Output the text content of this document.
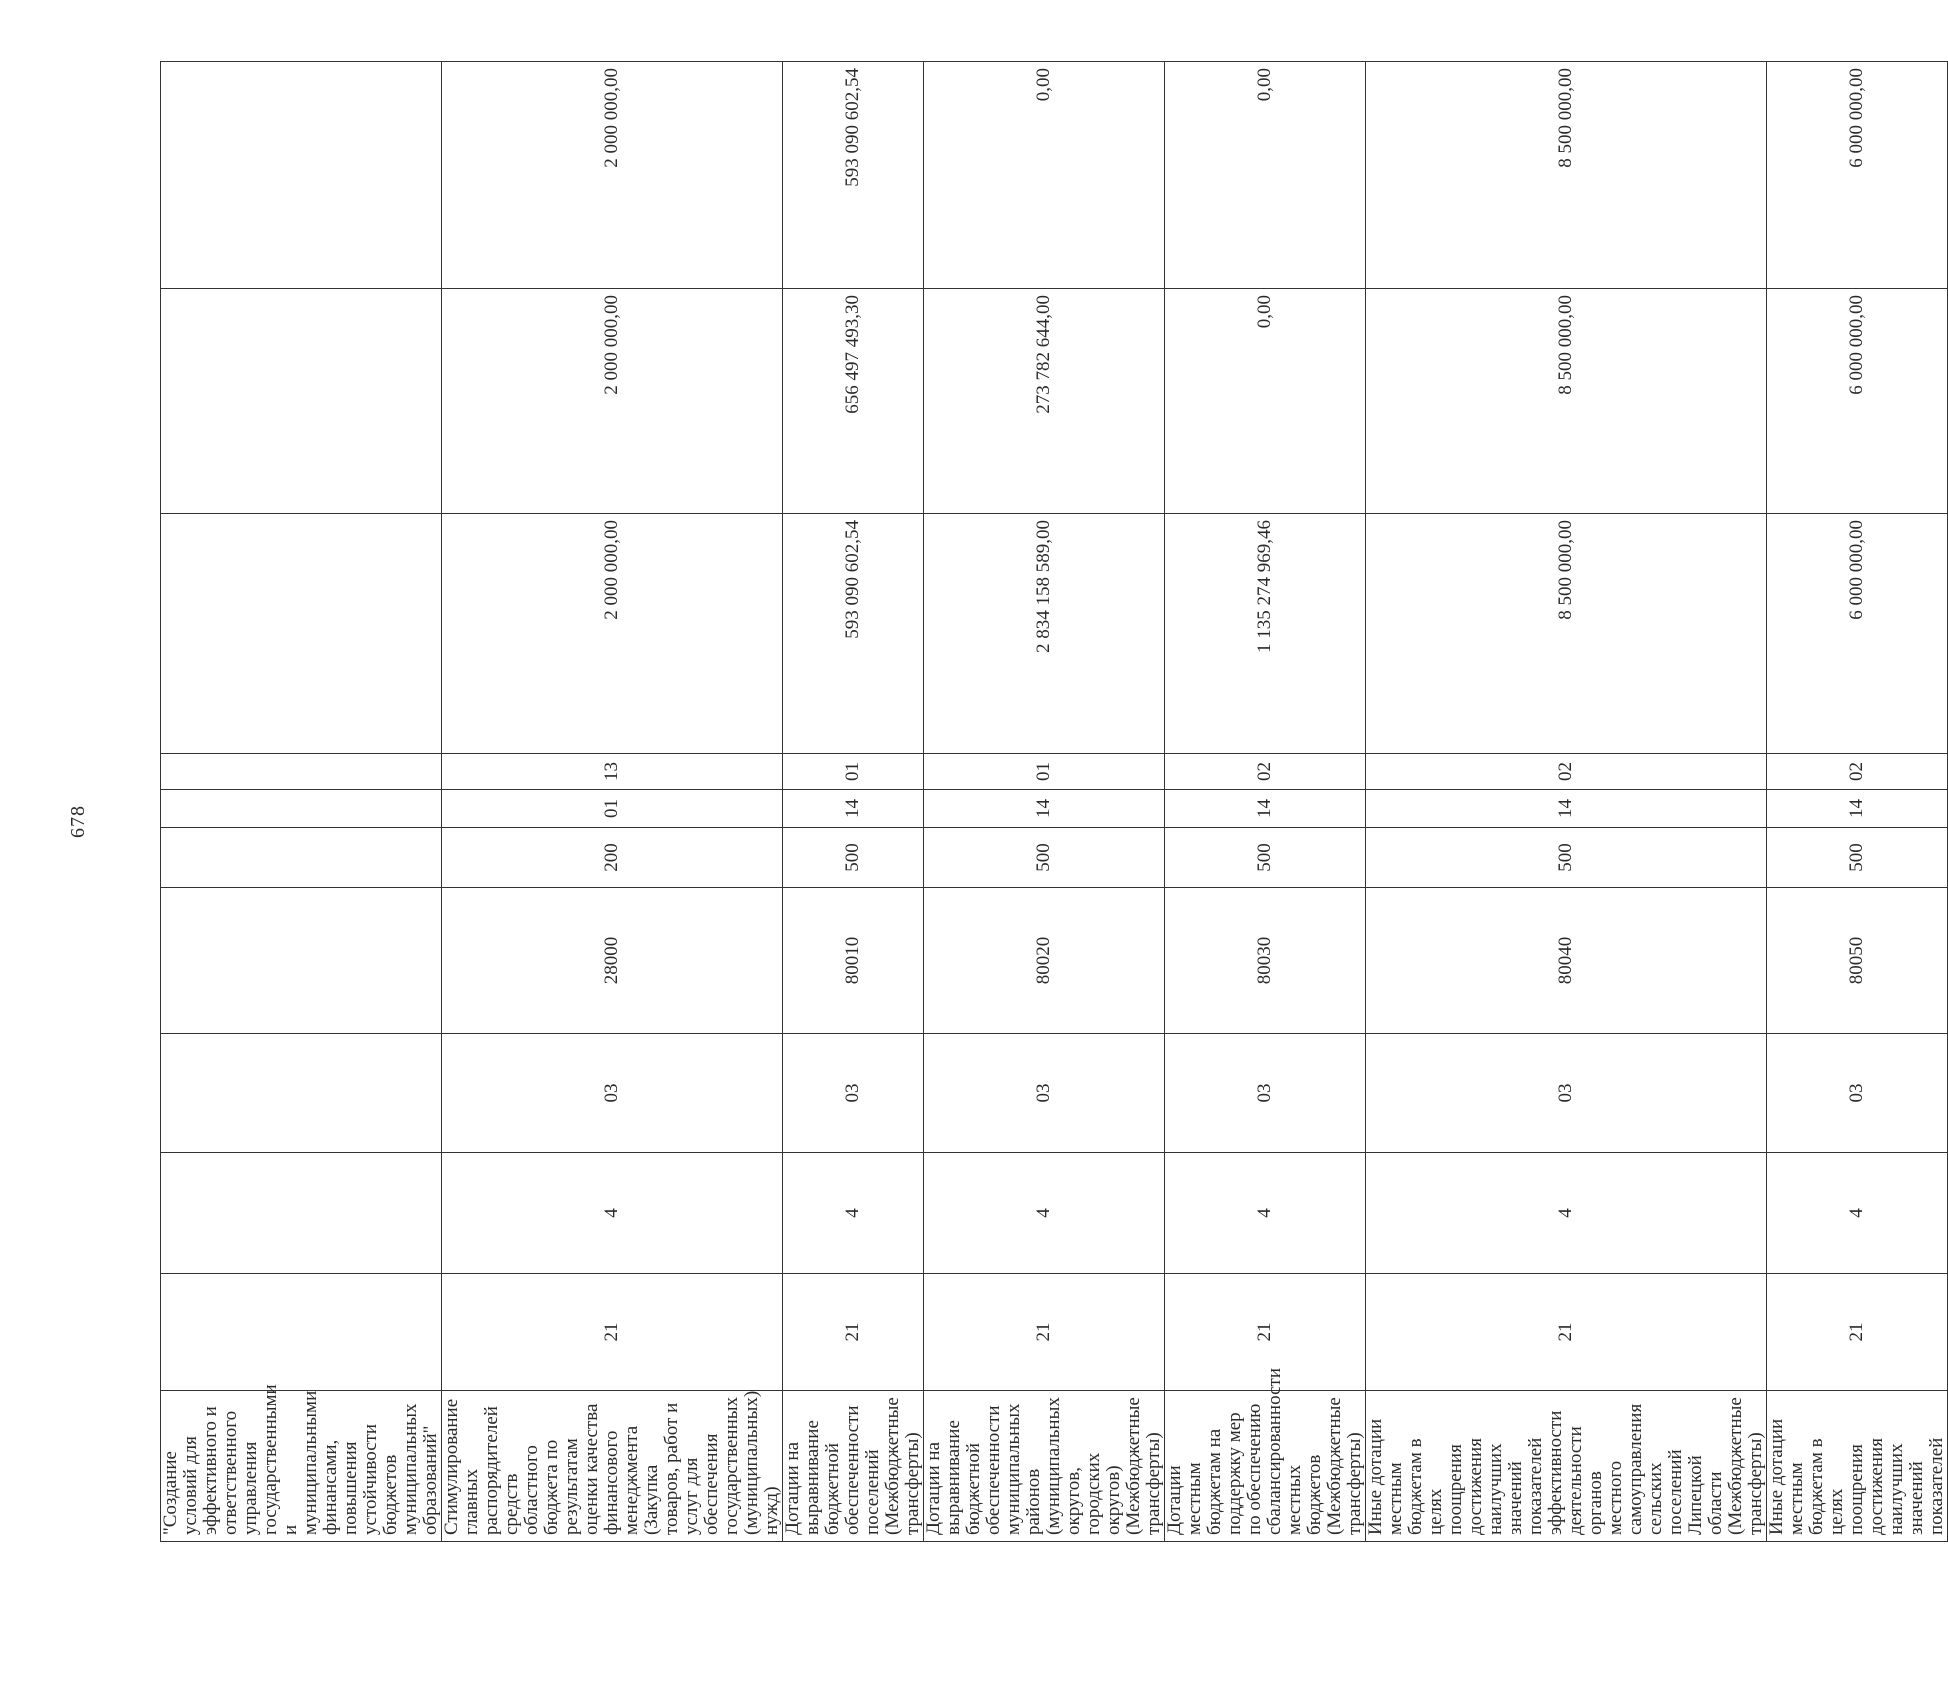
678
"Создание условий для эффективного и ответственного управления государственными и муниципальными финансами, повышения устойчивости бюджетов муниципальных образований"										
Стимулирование главных распорядителей средств областного бюджета по результатам оценки качества финансового менеджмента (Закупка товаров, работ и услуг для обеспечения государственных (муниципальных) нужд)	21	4	03	28000	200	01	13	2 000 000,00	2 000 000,00	2 000 000,00
Дотации на выравнивание бюджетной обеспеченности поселений (Межбюджетные трансферты)	21	4	03	80010	500	14	01	593 090 602,54	656 497 493,30	593 090 602,54
Дотации на выравнивание бюджетной обеспеченности муниципальных районов (муниципальных округов, городских округов) (Межбюджетные трансферты)	21	4	03	80020	500	14	01	2 834 158 589,00	273 782 644,00	0,00
Дотации местным бюджетам на поддержку мер по обеспечению сбалансированности местных бюджетов (Межбюджетные трансферты)	21	4	03	80030	500	14	02	1 135 274 969,46	0,00	0,00
Иные дотации местным бюджетам в целях поощрения достижения наилучших значений показателей эффективности деятельности органов местного самоуправления сельских поселений Липецкой области (Межбюджетные трансферты)	21	4	03	80040	500	14	02	8 500 000,00	8 500 000,00	8 500 000,00
Иные дотации местным бюджетам в целях поощрения достижения наилучших значений показателей	21	4	03	80050	500	14	02	6 000 000,00	6 000 000,00	6 000 000,00
